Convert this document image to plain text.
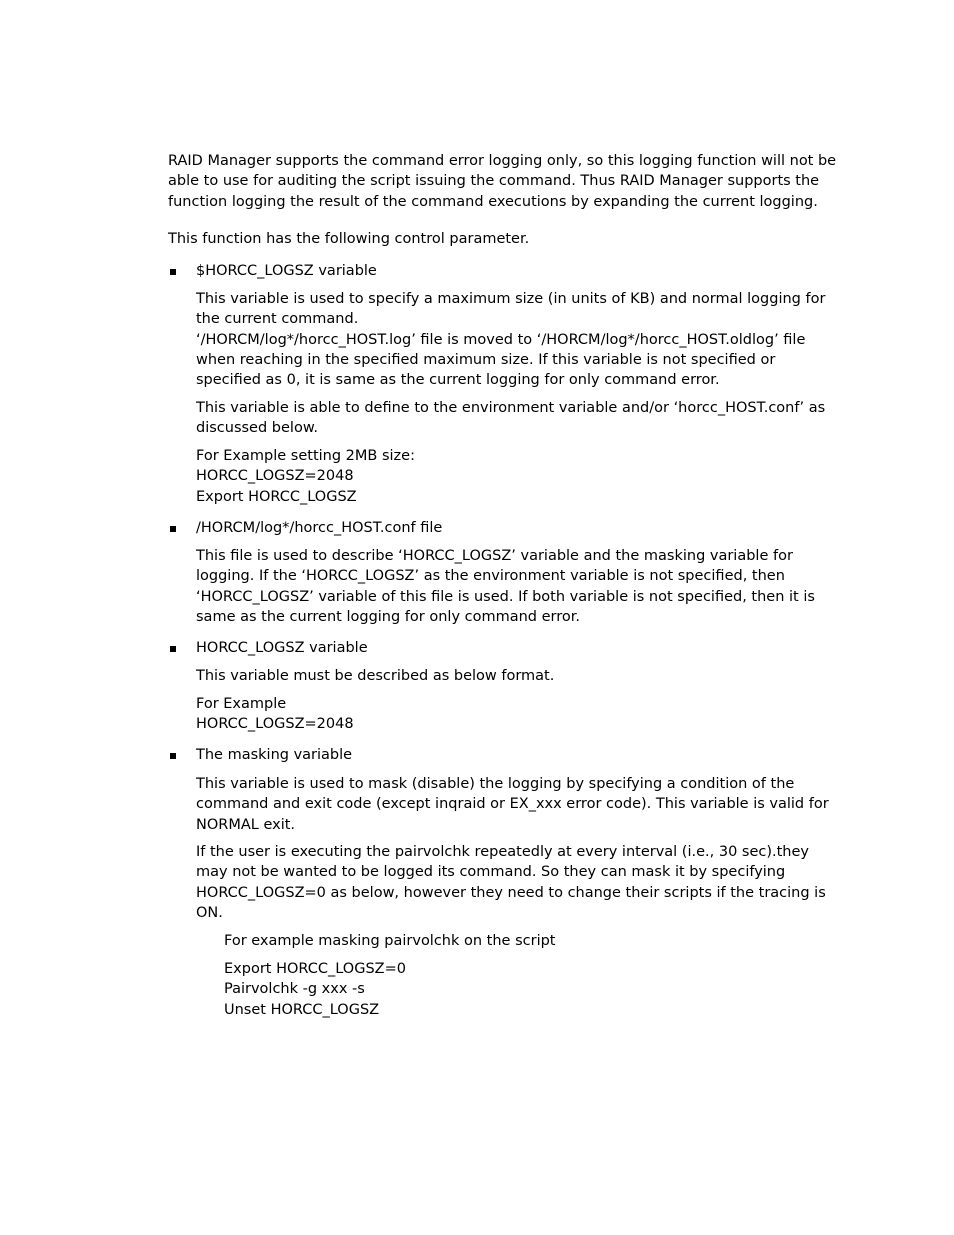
RAID Manager supports the command error logging only, so this logging function will not be
able to use for auditing the script issuing the command. Thus RAID Manager supports the
function logging the result of the command executions by expanding the current logging.
This function has the following control parameter.
$HORCC_LOGSZ variable
This variable is used to specify a maximum size (in units of KB) and normal logging for
the current command.
‘/HORCM/log*/horcc_HOST.log’ file is moved to ‘/HORCM/log*/horcc_HOST.oldlog’ file
when reaching in the specified maximum size. If this variable is not specified or
specified as 0, it is same as the current logging for only command error.
This variable is able to define to the environment variable and/or ‘horcc_HOST.conf’ as
discussed below.
For Example setting 2MB size:
HORCC_LOGSZ=2048
Export HORCC_LOGSZ
/HORCM/log*/horcc_HOST.conf file
This file is used to describe ‘HORCC_LOGSZ’ variable and the masking variable for
logging. If the ‘HORCC_LOGSZ’ as the environment variable is not specified, then
‘HORCC_LOGSZ’ variable of this file is used. If both variable is not specified, then it is
same as the current logging for only command error.
HORCC_LOGSZ variable
This variable must be described as below format.
For Example
HORCC_LOGSZ=2048
The masking variable
This variable is used to mask (disable) the logging by specifying a condition of the
command and exit code (except inqraid or EX_xxx error code). This variable is valid for
NORMAL exit.
If the user is executing the pairvolchk repeatedly at every interval (i.e., 30 sec).they
may not be wanted to be logged its command. So they can mask it by specifying
HORCC_LOGSZ=0 as below, however they need to change their scripts if the tracing is
ON.
For example masking pairvolchk on the script
Export HORCC_LOGSZ=0
Pairvolchk -g xxx -s
Unset HORCC_LOGSZ
